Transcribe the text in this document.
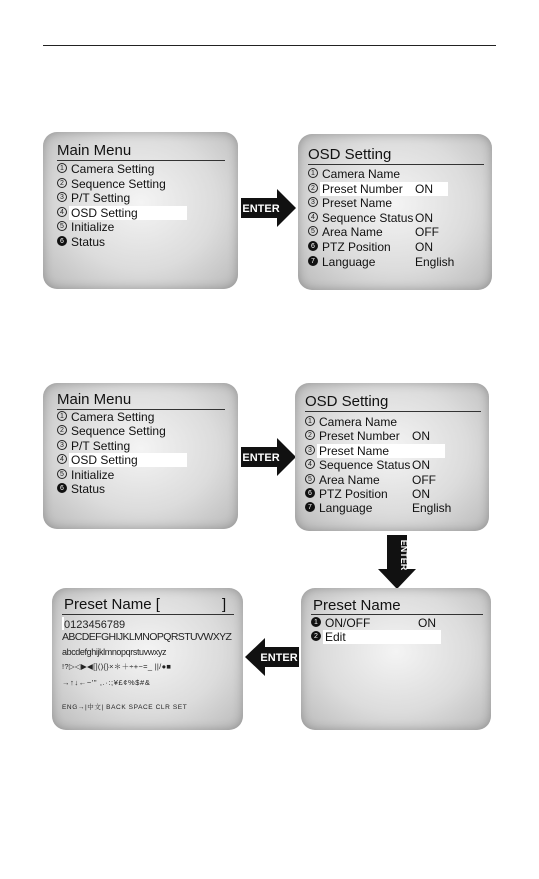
Main Menu
1 Camera Setting
2 Sequence Setting
3 P/T Setting
4 OSD Setting
5 Initialize
6 Status
ENTER
OSD Setting
1 Camera Name
2 Preset Number ON
3 Preset Name
4 Sequence Status ON
5 Area Name	OFF
6 PTZ Position ON
7 Language	English
Main Menu
1 Camera Setting
2 Sequence Setting
3 P/T Setting
4 OSD Setting
5 Initialize
6 Status
ENTER
OSD Setting
1 Camera Name
2 Preset Number ON
3 Preset Name
4 Sequence Status ON
5 Area Name	OFF
6 PTZ Position ON
7 Language	English
ENTER
Preset Name [	]
0123456789
ABCDEFGHIJKLMNOPQRSTUVWXYZ
abcdefghijklmnopqrstuvwxyz
!?▷◁▶◀[](){}×＊＋÷+−=_ ||/●■
→↑↓←−'" ,.·:;¥£¢%$#&
ENG→|中文| BACK SPACE CLR SET
ENTER
Preset Name
1 ON/OFF	ON
2 Edit
